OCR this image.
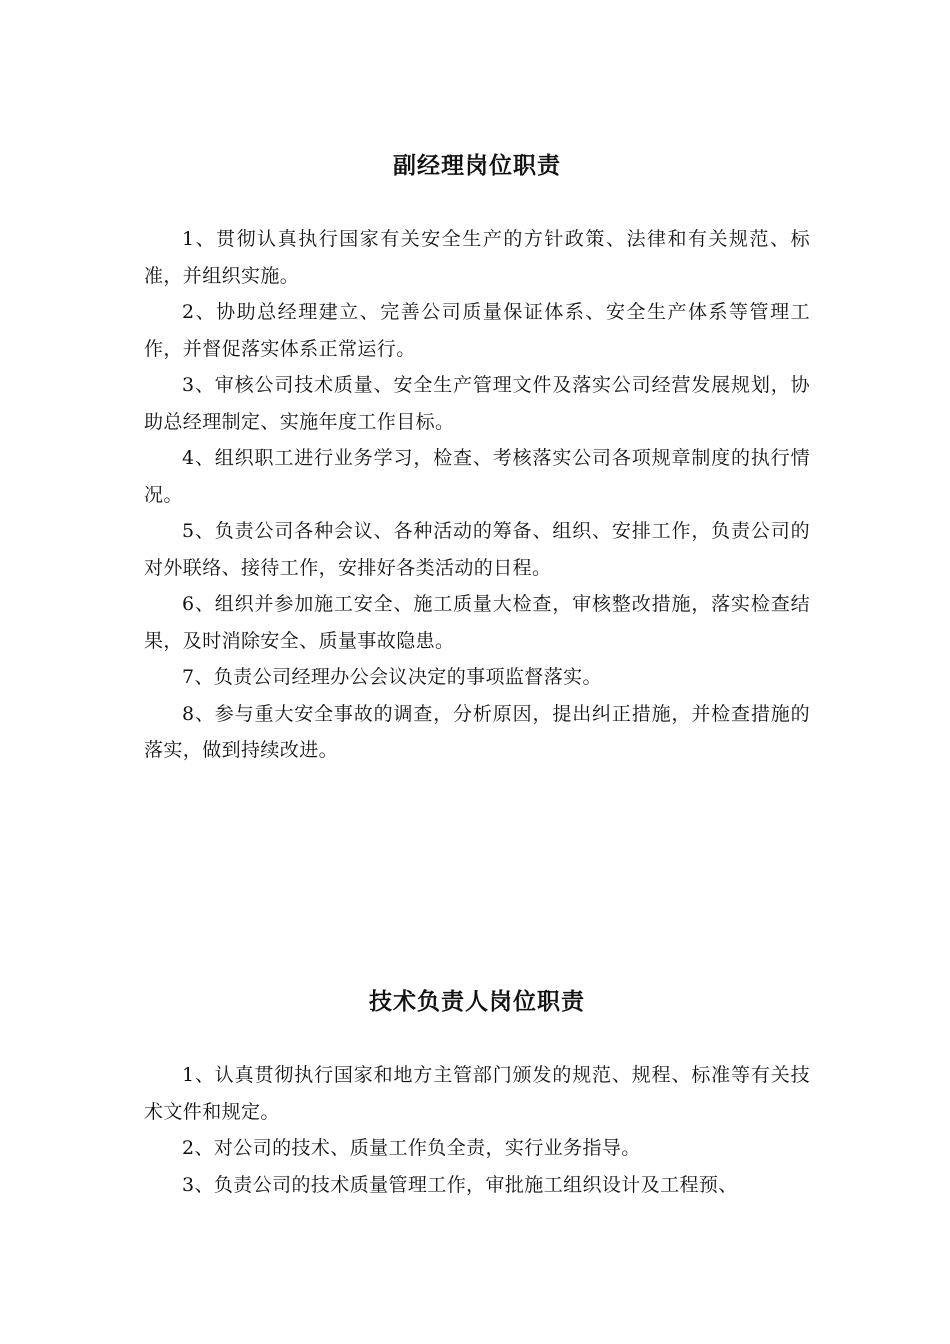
副经理岗位职责

1、贯彻认真执行国家有关安全生产的方针政策、法律和有关规范、标准，并组织实施。

2、协助总经理建立、完善公司质量保证体系、安全生产体系等管理工作，并督促落实体系正常运行。

3、审核公司技术质量、安全生产管理文件及落实公司经营发展规划，协助总经理制定、实施年度工作目标。

4、组织职工进行业务学习，检查、考核落实公司各项规章制度的执行情况。

5、负责公司各种会议、各种活动的筹备、组织、安排工作，负责公司的对外联络、接待工作，安排好各类活动的日程。

6、组织并参加施工安全、施工质量大检查，审核整改措施，落实检查结果，及时消除安全、质量事故隐患。

7、负责公司经理办公会议决定的事项监督落实。

8、参与重大安全事故的调查，分析原因，提出纠正措施，并检查措施的落实，做到持续改进。

技术负责人岗位职责

1、认真贯彻执行国家和地方主管部门颁发的规范、规程、标准等有关技术文件和规定。

2、对公司的技术、质量工作负全责，实行业务指导。

3、负责公司的技术质量管理工作，审批施工组织设计及工程预、
